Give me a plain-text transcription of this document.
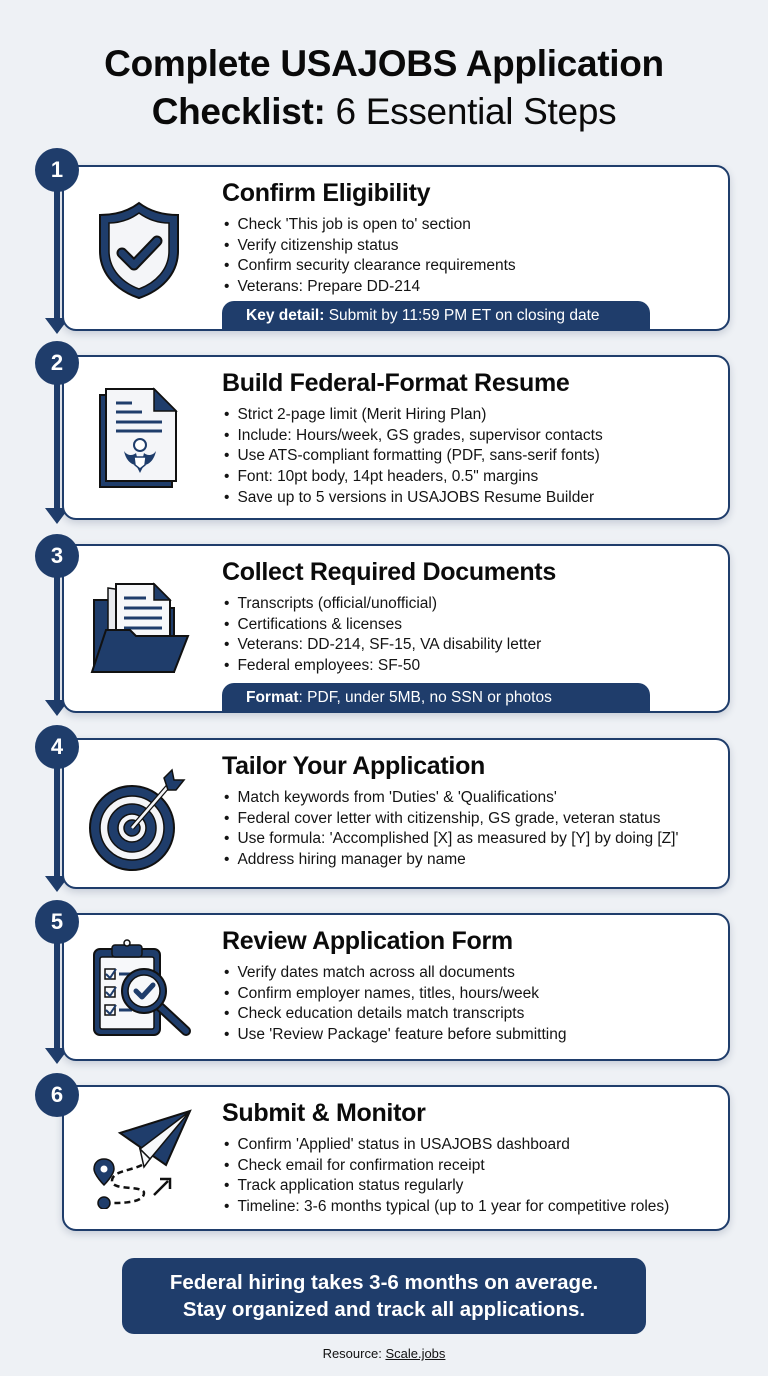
Complete USAJOBS Application
Checklist: 6 Essential Steps
Confirm Eligibility
• Check 'This job is open to' section
• Verify citizenship status
• Confirm security clearance requirements
• Veterans: Prepare DD-214
Key detail: Submit by 11:59 PM ET on closing date
1
Build Federal-Format Resume
• Strict 2-page limit (Merit Hiring Plan)
• Include: Hours/week, GS grades, supervisor contacts
• Use ATS-compliant formatting (PDF, sans-serif fonts)
• Font: 10pt body, 14pt headers, 0.5" margins
• Save up to 5 versions in USAJOBS Resume Builder
2
Collect Required Documents
• Transcripts (official/unofficial)
• Certifications & licenses
• Veterans: DD-214, SF-15, VA disability letter
• Federal employees: SF-50
Format: PDF, under 5MB, no SSN or photos
3
Tailor Your Application
• Match keywords from 'Duties' & 'Qualifications'
• Federal cover letter with citizenship, GS grade, veteran status
• Use formula: 'Accomplished [X] as measured by [Y] by doing [Z]'
• Address hiring manager by name
4
Review Application Form
• Verify dates match across all documents
• Confirm employer names, titles, hours/week
• Check education details match transcripts
• Use 'Review Package' feature before submitting
5
Submit & Monitor
• Confirm 'Applied' status in USAJOBS dashboard
• Check email for confirmation receipt
• Track application status regularly
• Timeline: 3-6 months typical (up to 1 year for competitive roles)
6
Federal hiring takes 3-6 months on average.
Stay organized and track all applications.
Resource: Scale.jobs
